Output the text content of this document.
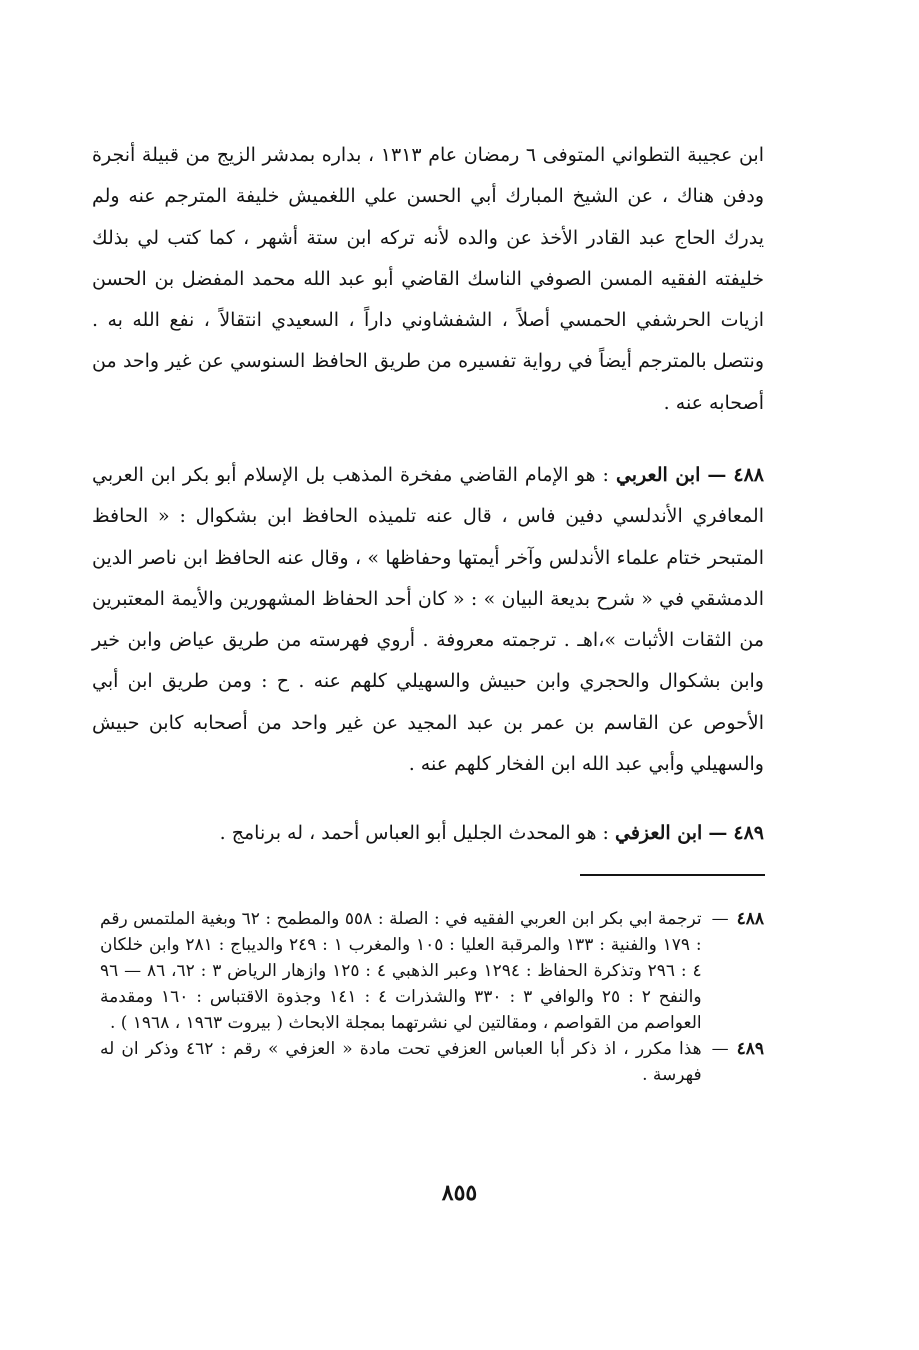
ابن عجيبة التطواني المتوفى ٦ رمضان عام ١٣١٣ ، بداره بمدشر الزيج من قبيلة أنجرة ودفن هناك ، عن الشيخ المبارك أبي الحسن علي اللغميش خليفة المترجم عنه ولم يدرك الحاج عبد القادر الأخذ عن والده لأنه تركه ابن ستة أشهر ، كما كتب لي بذلك خليفته الفقيه المسن الصوفي الناسك القاضي أبو عبد الله محمد المفضل بن الحسن ازيات الحرشفي الحمسي أصلاً ، الشفشاوني داراً ، السعيدي انتقالاً ، نفع الله به . ونتصل بالمترجم أيضاً في رواية تفسيره من طريق الحافظ السنوسي عن غير واحد من أصحابه عنه .

٤٨٨ — ابن العربي : هو الإمام القاضي مفخرة المذهب بل الإسلام أبو بكر ابن العربي المعافري الأندلسي دفين فاس ، قال عنه تلميذه الحافظ ابن بشكوال : « الحافظ المتبحر ختام علماء الأندلس وآخر أيمتها وحفاظها » ، وقال عنه الحافظ ابن ناصر الدين الدمشقي في « شرح بديعة البيان » : « كان أحد الحفاظ المشهورين والأيمة المعتبرين من الثقات الأثبات »،اهـ . ترجمته معروفة . أروي فهرسته من طريق عياض وابن خير وابن بشكوال والحجري وابن حبيش والسهيلي كلهم عنه . ح : ومن طريق ابن أبي الأحوص عن القاسم بن عمر بن عبد المجيد عن غير واحد من أصحابه كابن حبيش والسهيلي وأبي عبد الله ابن الفخار كلهم عنه .

٤٨٩ — ابن العزفي : هو المحدث الجليل أبو العباس أحمد ، له برنامج .

٤٨٨
—
ترجمة ابي بكر ابن العربي الفقيه في : الصلة : ٥٥٨ والمطمح : ٦٢ وبغية الملتمس رقم : ١٧٩ والفنية : ١٣٣ والمرقبة العليا : ١٠٥ والمغرب ١ : ٢٤٩ والديباج : ٢٨١ وابن خلكان ٤ : ٢٩٦ وتذكرة الحفاظ : ١٢٩٤ وعبر الذهبي ٤ : ١٢٥ وازهار الرياض ٣ : ٦٢، ٨٦ — ٩٦ والنفح ٢ : ٢٥ والوافي ٣ : ٣٣٠ والشذرات ٤ : ١٤١ وجذوة الاقتباس : ١٦٠ ومقدمة العواصم من القواصم ، ومقالتين لي نشرتهما بمجلة الابحاث ( بيروت ١٩٦٣ ، ١٩٦٨ ) .
٤٨٩
—
هذا مكرر ، اذ ذكر أبا العباس العزفي تحت مادة « العزفي » رقم : ٤٦٢ وذكر ان له فهرسة .
٨٥٥
